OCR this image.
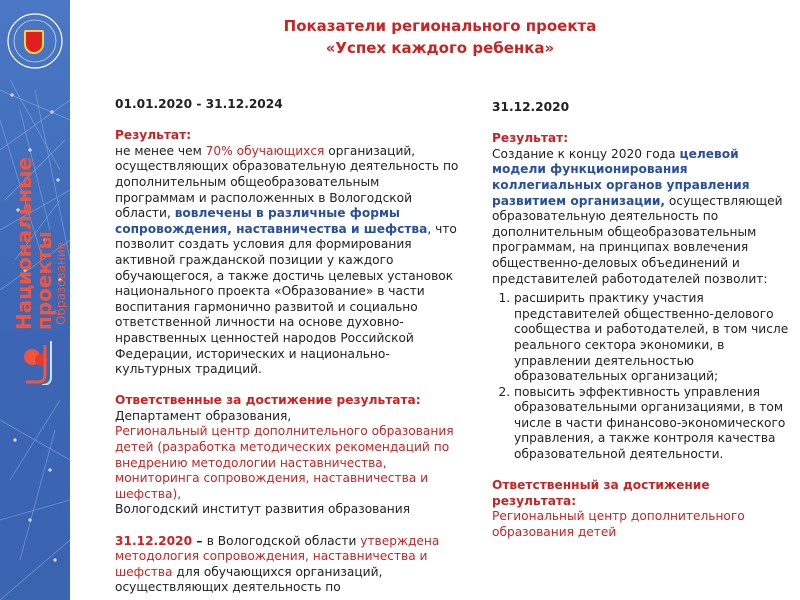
Национальные
проекты
Образование
Показатели регионального проекта
«Успех каждого ребенка»
01.01.2020 - 31.12.2024
Результат:
не менее чем 70% обучающихся организаций, осуществляющих образовательную деятельность по дополнительным общеобразовательным программам и расположенных в Вологодской области, вовлечены в различные формы сопровождения, наставничества и шефства, что позволит создать условия для формирования активной гражданской позиции у каждого обучающегося, а также достичь целевых установок национального проекта «Образование» в части воспитания гармонично развитой и социально ответственной личности на основе духовно-нравственных ценностей народов Российской Федерации, исторических и национально-культурных традиций.
Ответственные за достижение результата:
Департамент образования,
Региональный центр дополнительного образования детей (разработка методических рекомендаций по внедрению методологии наставничества, мониторинга сопровождения, наставничества и шефства),
Вологодский институт развития образования
31.12.2020 – в Вологодской области утверждена методология сопровождения, наставничества и шефства для обучающихся организаций, осуществляющих деятельность по
31.12.2020
Результат:
Создание к концу 2020 года целевой модели функционирования коллегиальных органов управления развитием организации, осуществляющей образовательную деятельность по дополнительным общеобразовательным программам, на принципах вовлечения общественно-деловых объединений и представителей работодателей позволит:
1. расширить практику участия представителей общественно-делового сообщества и работодателей, в том числе реального сектора экономики, в управлении деятельностью образовательных организаций;
2. повысить эффективность управления образовательными организациями, в том числе в части финансово-экономического управления, а также контроля качества образовательной деятельности.
Ответственный за достижение результата:
Региональный центр дополнительного образования детей
